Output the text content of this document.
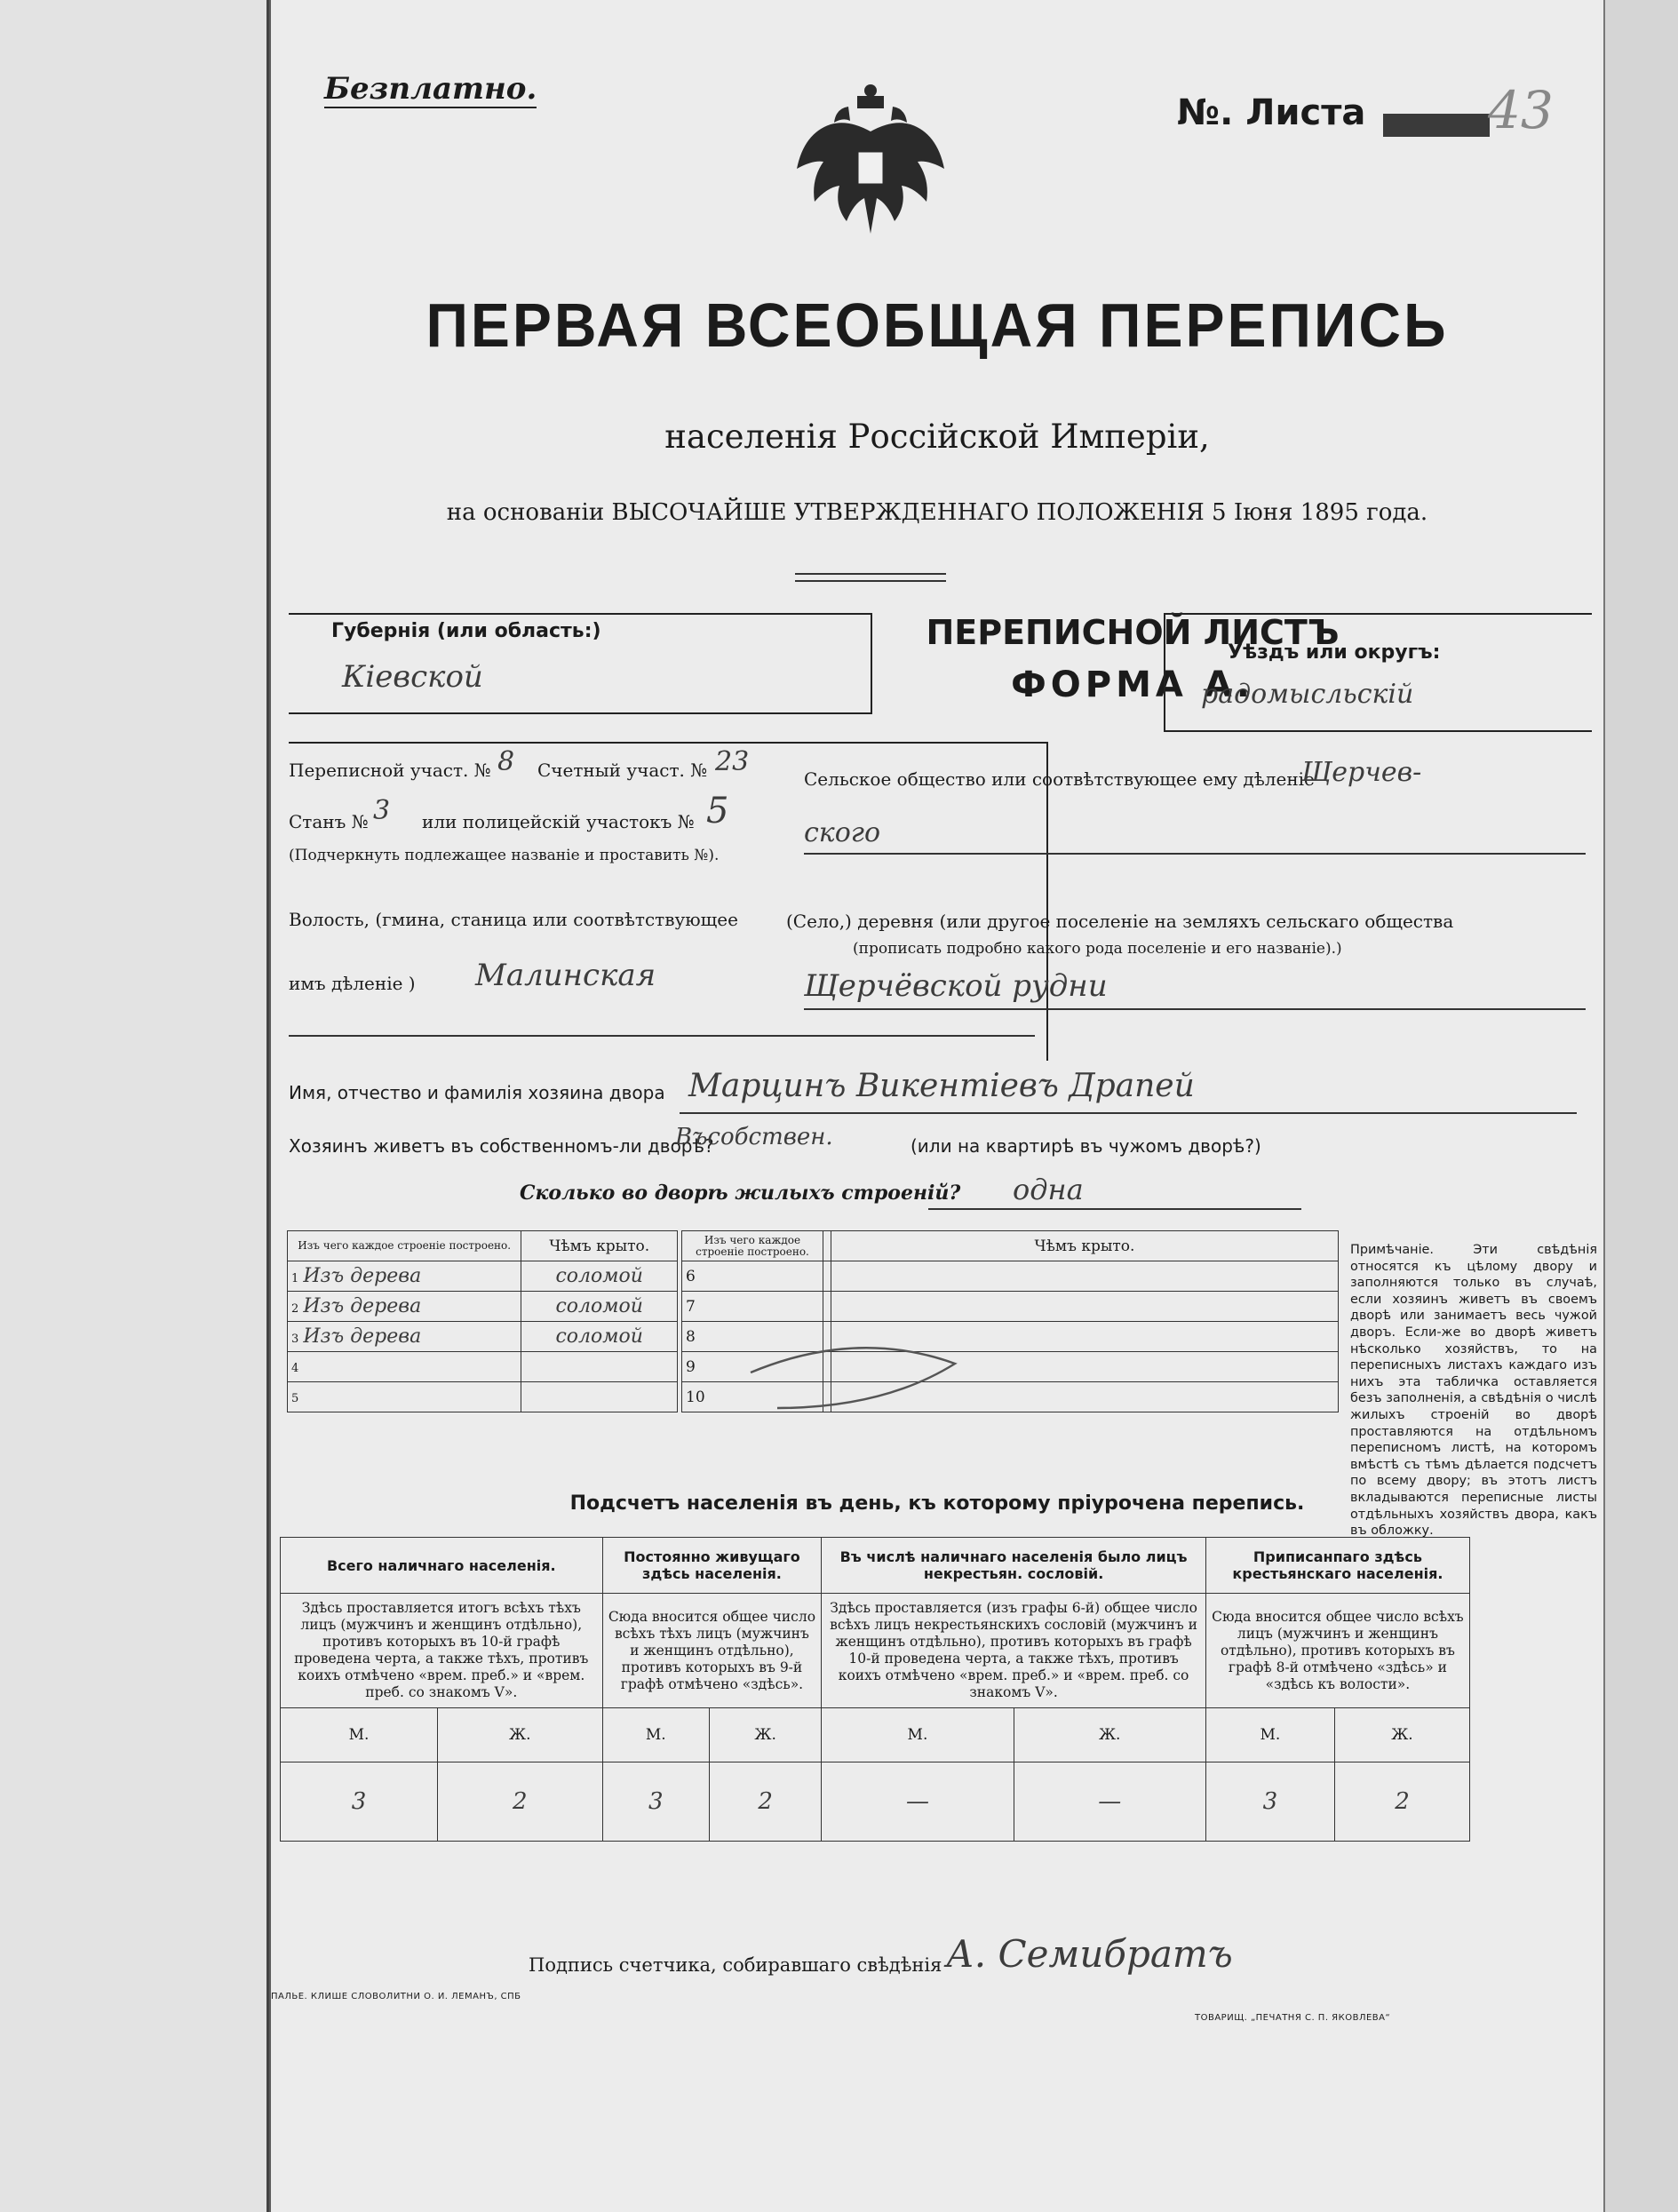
Безплатно.
№. Листа 43
ПЕРВАЯ ВСЕОБЩАЯ ПЕРЕПИСЬ
населенія Россійской Имперіи,
на основаніи ВЫСОЧАЙШЕ УТВЕРЖДЕННАГО ПОЛОЖЕНІЯ 5 Іюня 1895 года.
Губернія (или область:)
Кіевской
ПЕРЕПИСНОЙ ЛИСТЪ
ФОРМА А.
Уѣздъ или округъ:
радомысльскій
Переписной участ. № 8 Счетный участ. № 23
Станъ № 3 или полицейскій участокъ № 5
(Подчеркнуть подлежащее названіе и проставить №).
Волость, (гмина, станица или соотвѣтствующее
имъ дѣленіе ) Малинская
Сельское общество или соотвѣтствующее ему дѣленіе
Щерчев-
ского
(Село,) деревня (или другое поселеніе на земляхъ сельскаго общества
(прописать подробно какого рода поселеніе и его названіе).)
Щерчёвской рудни
Имя, отчество и фамилія хозяина двора Марцинъ Викентіевъ Драпей
Хозяинъ живетъ въ собственномъ-ли дворѣ?
Въсобствен.	(или на квартирѣ въ чужомъ дворѣ?)
Сколько во дворѣ жилыхъ строеній? одна
Изъ чего каждое строеніе построено.	Чѣмъ крыто.
1 Изъ дерева	соломой
2 Изъ дерева	соломой
3 Изъ дерева	соломой
4	
5	
Изъ чего каждое строеніе построено.		Чѣмъ крыто.
6		
7		
8		
9		
10		
Примѣчаніе. Эти свѣдѣнія относятся къ цѣлому двору и заполняются только въ случаѣ, если хозяинъ живетъ въ своемъ дворѣ или занимаетъ весь чужой дворъ. Если-же во дворѣ живетъ нѣсколько хозяйствъ, то на переписныхъ листахъ каждаго изъ нихъ эта табличка оставляется безъ заполненія, а свѣдѣнія о числѣ жилыхъ строеній во дворѣ проставляются на отдѣльномъ переписномъ листѣ, на которомъ вмѣстѣ съ тѣмъ дѣлается подсчетъ по всему двору; въ этотъ листъ вкладываются переписные листы отдѣльныхъ хозяйствъ двора, какъ въ обложку.
Подсчетъ населенія въ день, къ которому пріурочена перепись.
Всего наличнаго населенія.		Постоянно живущаго здѣсь населенія.		Въ числѣ наличнаго населенія было лицъ некрестьян. сословій.		Приписанпаго здѣсь крестьянскаго населенія.	
Здѣсь проставляется итогъ всѣхъ тѣхъ лицъ (мужчинъ и женщинъ отдѣльно), противъ которыхъ въ 10-й графѣ проведена черта, а также тѣхъ, противъ коихъ отмѣчено «врем. преб.» и «врем. преб. со знакомъ V».		Сюда вносится общее число всѣхъ тѣхъ лицъ (мужчинъ и женщинъ отдѣльно), противъ которыхъ въ 9-й графѣ отмѣчено «здѣсь».		Здѣсь проставляется (изъ графы 6-й) общее число всѣхъ лицъ некрестьянскихъ сословій (мужчинъ и женщинъ отдѣльно), противъ которыхъ въ графѣ 10-й проведена черта, а также тѣхъ, противъ коихъ отмѣчено «врем. преб.» и «врем. преб. со знакомъ V».		Сюда вносится общее число всѣхъ лицъ (мужчинъ и женщинъ отдѣльно), противъ которыхъ въ графѣ 8-й отмѣчено «здѣсь» и «здѣсь къ волости».	
М.	Ж.	М.	Ж.	М.	Ж.	М.	Ж.
3	2	3	2	—	—	3	2
Подпись счетчика, собиравшаго свѣдѣнія А. Семибратъ
ПАЛЬЕ. КЛИШЕ СЛОВОЛИТНИ О. И. ЛЕМАНЪ, СПБ
ТОВАРИЩ. „ПЕЧАТНЯ С. П. ЯКОВЛЕВА“
